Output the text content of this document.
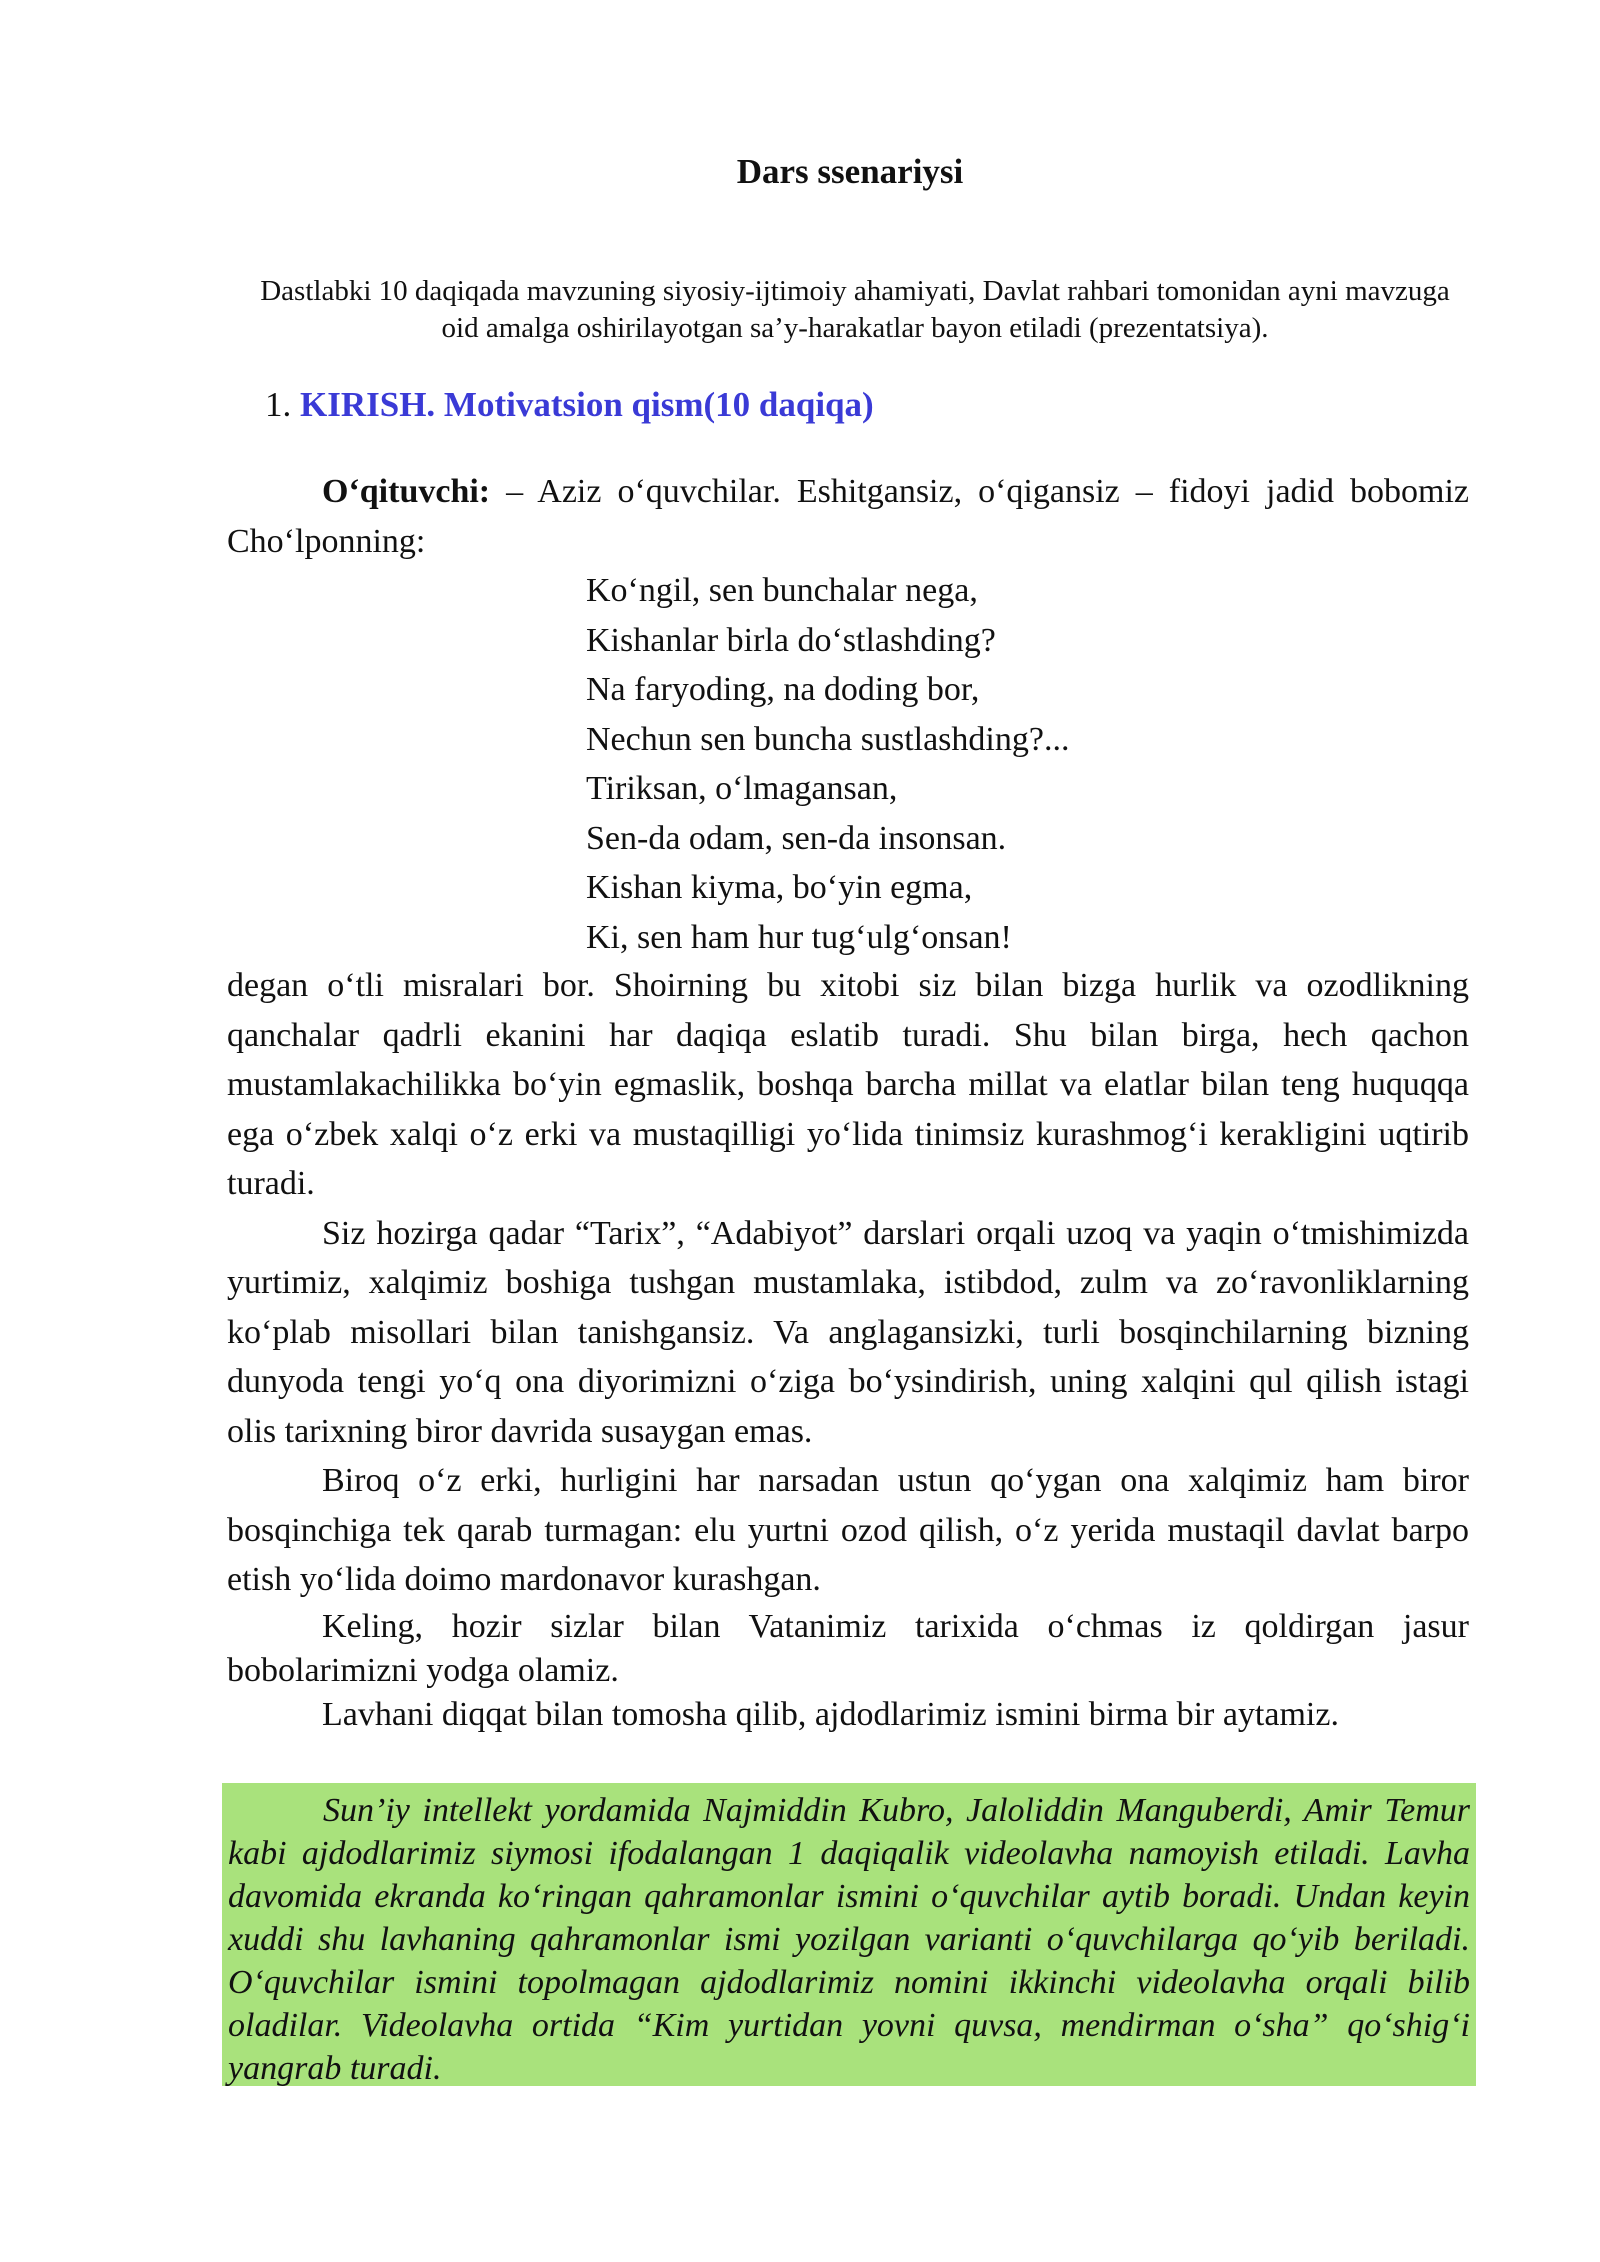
Dars ssenariysi
Dastlabki 10 daqiqada mavzuning siyosiy-ijtimoiy ahamiyati, Davlat rahbari tomonidan ayni mavzuga oid amalga oshirilayotgan sa’y-harakatlar bayon etiladi (prezentatsiya).
1. KIRISH. Motivatsion qism(10 daqiqa)

O‘qituvchi: – Aziz o‘quvchilar. Eshitgansiz, o‘qigansiz – fidoyi jadid bobomiz Cho‘lponning:

Ko‘ngil, sen bunchalar nega,
Kishanlar birla do‘stlashding?
Na faryoding, na doding bor,
Nechun sen buncha sustlashding?...
Tiriksan, o‘lmagansan,
Sen-da odam, sen-da insonsan.
Kishan kiyma, bo‘yin egma,
Ki, sen ham hur tug‘ulg‘onsan!

degan o‘tli misralari bor. Shoirning bu xitobi siz bilan bizga hurlik va ozodlikning qanchalar qadrli ekanini har daqiqa eslatib turadi. Shu bilan birga, hech qachon mustamlakachilikka bo‘yin egmaslik, boshqa barcha millat va elatlar bilan teng huquqqa ega o‘zbek xalqi o‘z erki va mustaqilligi yo‘lida tinimsiz kurashmog‘i kerakligini uqtirib turadi.

Siz hozirga qadar “Tarix”, “Adabiyot” darslari orqali uzoq va yaqin o‘tmishimizda yurtimiz, xalqimiz boshiga tushgan mustamlaka, istibdod, zulm va zo‘ravonliklarning ko‘plab misollari bilan tanishgansiz. Va anglagansizki, turli bosqinchilarning bizning dunyoda tengi yo‘q ona diyorimizni o‘ziga bo‘ysindirish, uning xalqini qul qilish istagi olis tarixning biror davrida susaygan emas.

Biroq o‘z erki, hurligini har narsadan ustun qo‘ygan ona xalqimiz ham biror bosqinchiga tek qarab turmagan: elu yurtni ozod qilish, o‘z yerida mustaqil davlat barpo etish yo‘lida doimo mardonavor kurashgan.

Keling, hozir sizlar bilan Vatanimiz tarixida o‘chmas iz qoldirgan jasur bobolarimizni yodga olamiz.

Lavhani diqqat bilan tomosha qilib, ajdodlarimiz ismini birma bir aytamiz.

Sun’iy intellekt yordamida Najmiddin Kubro, Jaloliddin Manguberdi, Amir Temur kabi ajdodlarimiz siymosi ifodalangan 1 daqiqalik videolavha namoyish etiladi. Lavha davomida ekranda ko‘ringan qahramonlar ismini o‘quvchilar aytib boradi. Undan keyin xuddi shu lavhaning qahramonlar ismi yozilgan varianti o‘quvchilarga qo‘yib beriladi. O‘quvchilar ismini topolmagan ajdodlarimiz nomini ikkinchi videolavha orqali bilib oladilar. Videolavha ortida “Kim yurtidan yovni quvsa, mendirman o‘sha” qo‘shig‘i yangrab turadi.
